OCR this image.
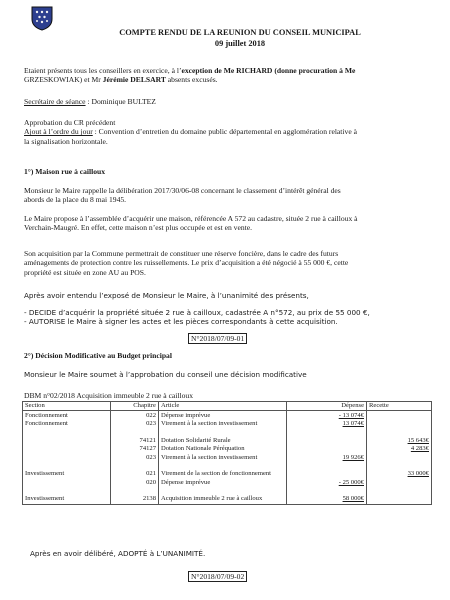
COMPTE RENDU DE LA REUNION DU CONSEIL MUNICIPAL
09 juillet 2018
Etaient présents tous les conseillers en exercice, à l’exception de Me RICHARD (donne procuration à Me
GRZESKOWIAK) et Mr Jérémie DELSART absents excusés.
Secrétaire de séance : Dominique BULTEZ
Approbation du CR précédent
Ajout à l’ordre du jour : Convention d’entretien du domaine public départemental en agglomération relative à
la signalisation horizontale.
1°) Maison rue à cailloux
Monsieur le Maire rappelle la délibération 2017/30/06-08 concernant le classement d’intérêt général des
abords de la place du 8 mai 1945.
Le Maire propose à l’assemblée d’acquérir une maison, référencée A 572 au cadastre, située 2 rue à cailloux à
Verchain-Maugré. En effet, cette maison n’est plus occupée et est en vente.
Son acquisition par la Commune permettrait de constituer une réserve foncière, dans le cadre des futurs
aménagements de protection contre les ruissellements. Le prix d’acquisition a été négocié à 55 000 €, cette
propriété est située en zone AU au POS.
Après avoir entendu l’exposé de Monsieur le Maire, à l’unanimité des présents,
- DECIDE d’acquérir la propriété située 2 rue à cailloux, cadastrée A n°572, au prix de 55 000 €,
- AUTORISE le Maire à signer les actes et les pièces correspondants à cette acquisition.
N°2018/07/09-01
2°) Décision Modificative au Budget principal
Monsieur le Maire soumet à l’approbation du conseil une décision modificative
DBM n°02/2018 Acquisition immeuble 2 rue à cailloux
Section	Chapitre	Article	Dépense	Recette
Fonctionnement	022	Dépense imprévue	- 13 074€	
Fonctionnement	023	Virement à la section investissement	13 074€	

	74121	Dotation Solidarité Rurale		15 643€
	74127	Dotation Nationale Péréquation		4 283€
	023	Virement à la section investissement	19 926€	

Investissement	021	Virement de la section de fonctionnement		33 000€
	020	Dépense imprévue	- 25 000€	

Investissement	2138	Acquisition immeuble 2 rue à cailloux	58 000€	
Après en avoir délibéré, ADOPTÉ à L’UNANIMITÉ.
N°2018/07/09-02
